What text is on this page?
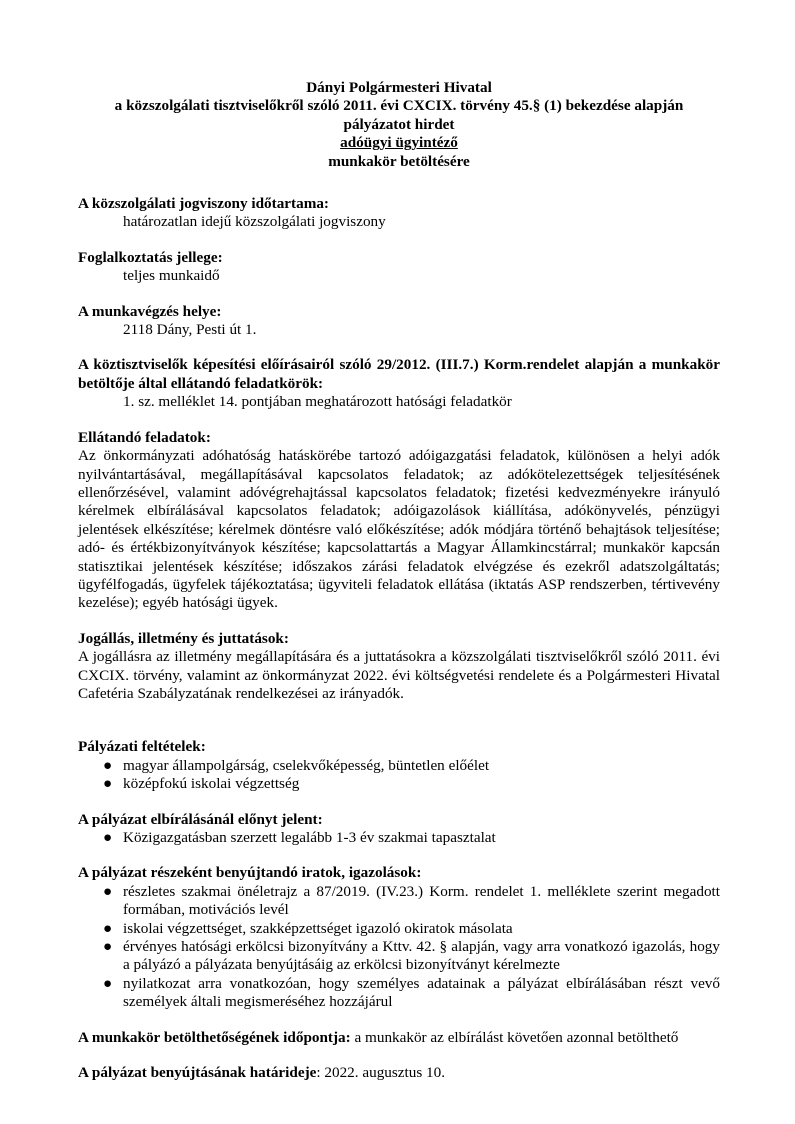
Dányi Polgármesteri Hivatal

a közszolgálati tisztviselőkről szóló 2011. évi CXCIX. törvény 45.§ (1) bekezdése alapján

pályázatot hirdet

adóügyi ügyintéző

munkakör betöltésére

A közszolgálati jogviszony időtartama:

határozatlan idejű közszolgálati jogviszony

Foglalkoztatás jellege:

teljes munkaidő

A munkavégzés helye:

2118 Dány, Pesti út 1.

A köztisztviselők képesítési előírásairól szóló 29/2012. (III.7.) Korm.rendelet alapján a munkakör betöltője által ellátandó feladatkörök:

1. sz. melléklet 14. pontjában meghatározott hatósági feladatkör

Ellátandó feladatok:

Az önkormányzati adóhatóság hatáskörébe tartozó adóigazgatási feladatok, különösen a helyi adók nyilvántartásával, megállapításával kapcsolatos feladatok; az adókötelezettségek teljesítésének ellenőrzésével, valamint adóvégrehajtással kapcsolatos feladatok; fizetési kedvezményekre irányuló kérelmek elbírálásával kapcsolatos feladatok; adóigazolások kiállítása, adókönyvelés, pénzügyi jelentések elkészítése; kérelmek döntésre való előkészítése; adók módjára történő behajtások teljesítése; adó- és értékbizonyítványok készítése; kapcsolattartás a Magyar Államkincstárral; munkakör kapcsán statisztikai jelentések készítése; időszakos zárási feladatok elvégzése és ezekről adatszolgáltatás; ügyfélfogadás, ügyfelek tájékoztatása; ügyviteli feladatok ellátása (iktatás ASP rendszerben, tértivevény kezelése); egyéb hatósági ügyek.

Jogállás, illetmény és juttatások:

A jogállásra az illetmény megállapítására és a juttatásokra a közszolgálati tisztviselőkről szóló 2011. évi CXCIX. törvény, valamint az önkormányzat 2022. évi költségvetési rendelete és a Polgármesteri Hivatal Cafetéria Szabályzatának rendelkezései az irányadók.

Pályázati feltételek:

● magyar állampolgárság, cselekvőképesség, büntetlen előélet
● középfokú iskolai végzettség

A pályázat elbírálásánál előnyt jelent:

● Közigazgatásban szerzett legalább 1-3 év szakmai tapasztalat

A pályázat részeként benyújtandó iratok, igazolások:

● részletes szakmai önéletrajz a 87/2019. (IV.23.) Korm. rendelet 1. melléklete szerint megadott formában, motivációs levél
● iskolai végzettséget, szakképzettséget igazoló okiratok másolata
● érvényes hatósági erkölcsi bizonyítvány a Kttv. 42. § alapján, vagy arra vonatkozó igazolás, hogy a pályázó a pályázata benyújtásáig az erkölcsi bizonyítványt kérelmezte
● nyilatkozat arra vonatkozóan, hogy személyes adatainak a pályázat elbírálásában részt vevő személyek általi megismeréséhez hozzájárul

A munkakör betölthetőségének időpontja: a munkakör az elbírálást követően azonnal betölthető

A pályázat benyújtásának határideje: 2022. augusztus 10.
